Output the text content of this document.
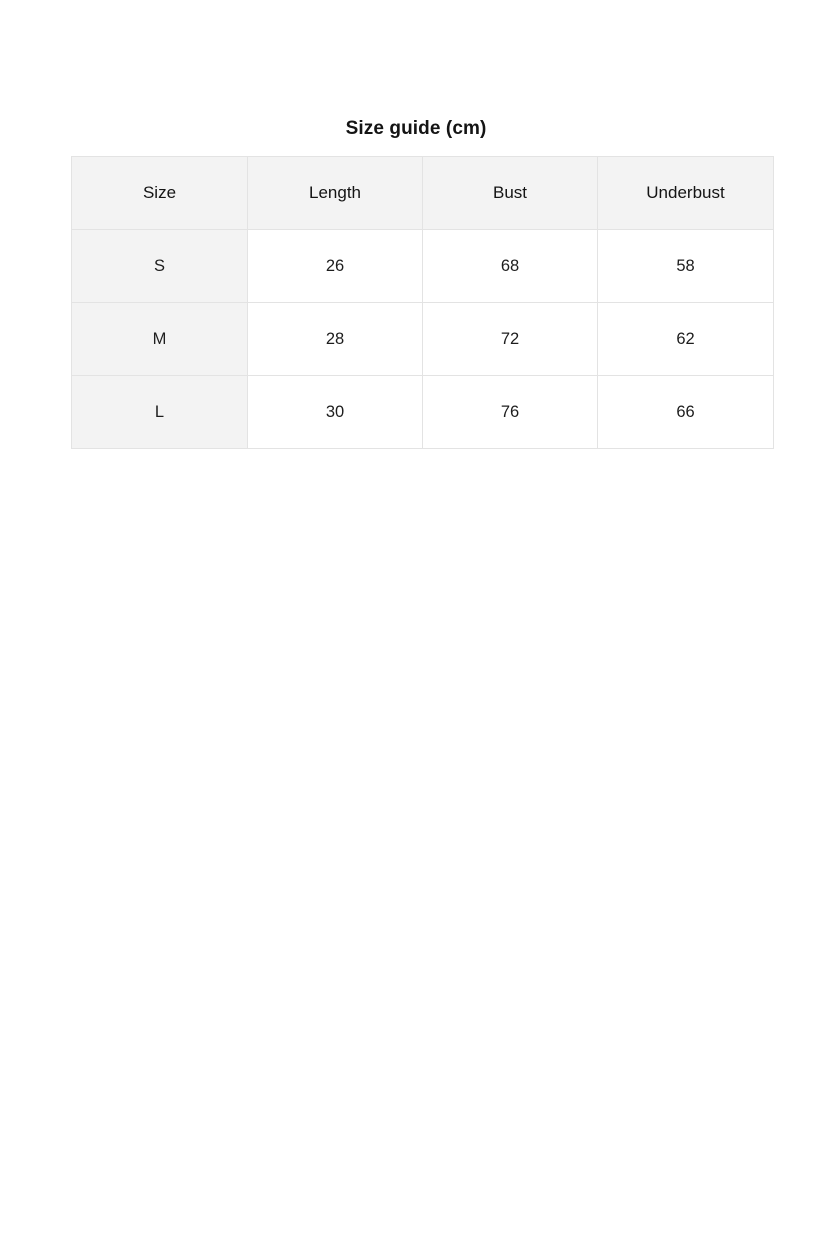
Size guide (cm)
Size	Length	Bust	Underbust
S	26	68	58
M	28	72	62
L	30	76	66
